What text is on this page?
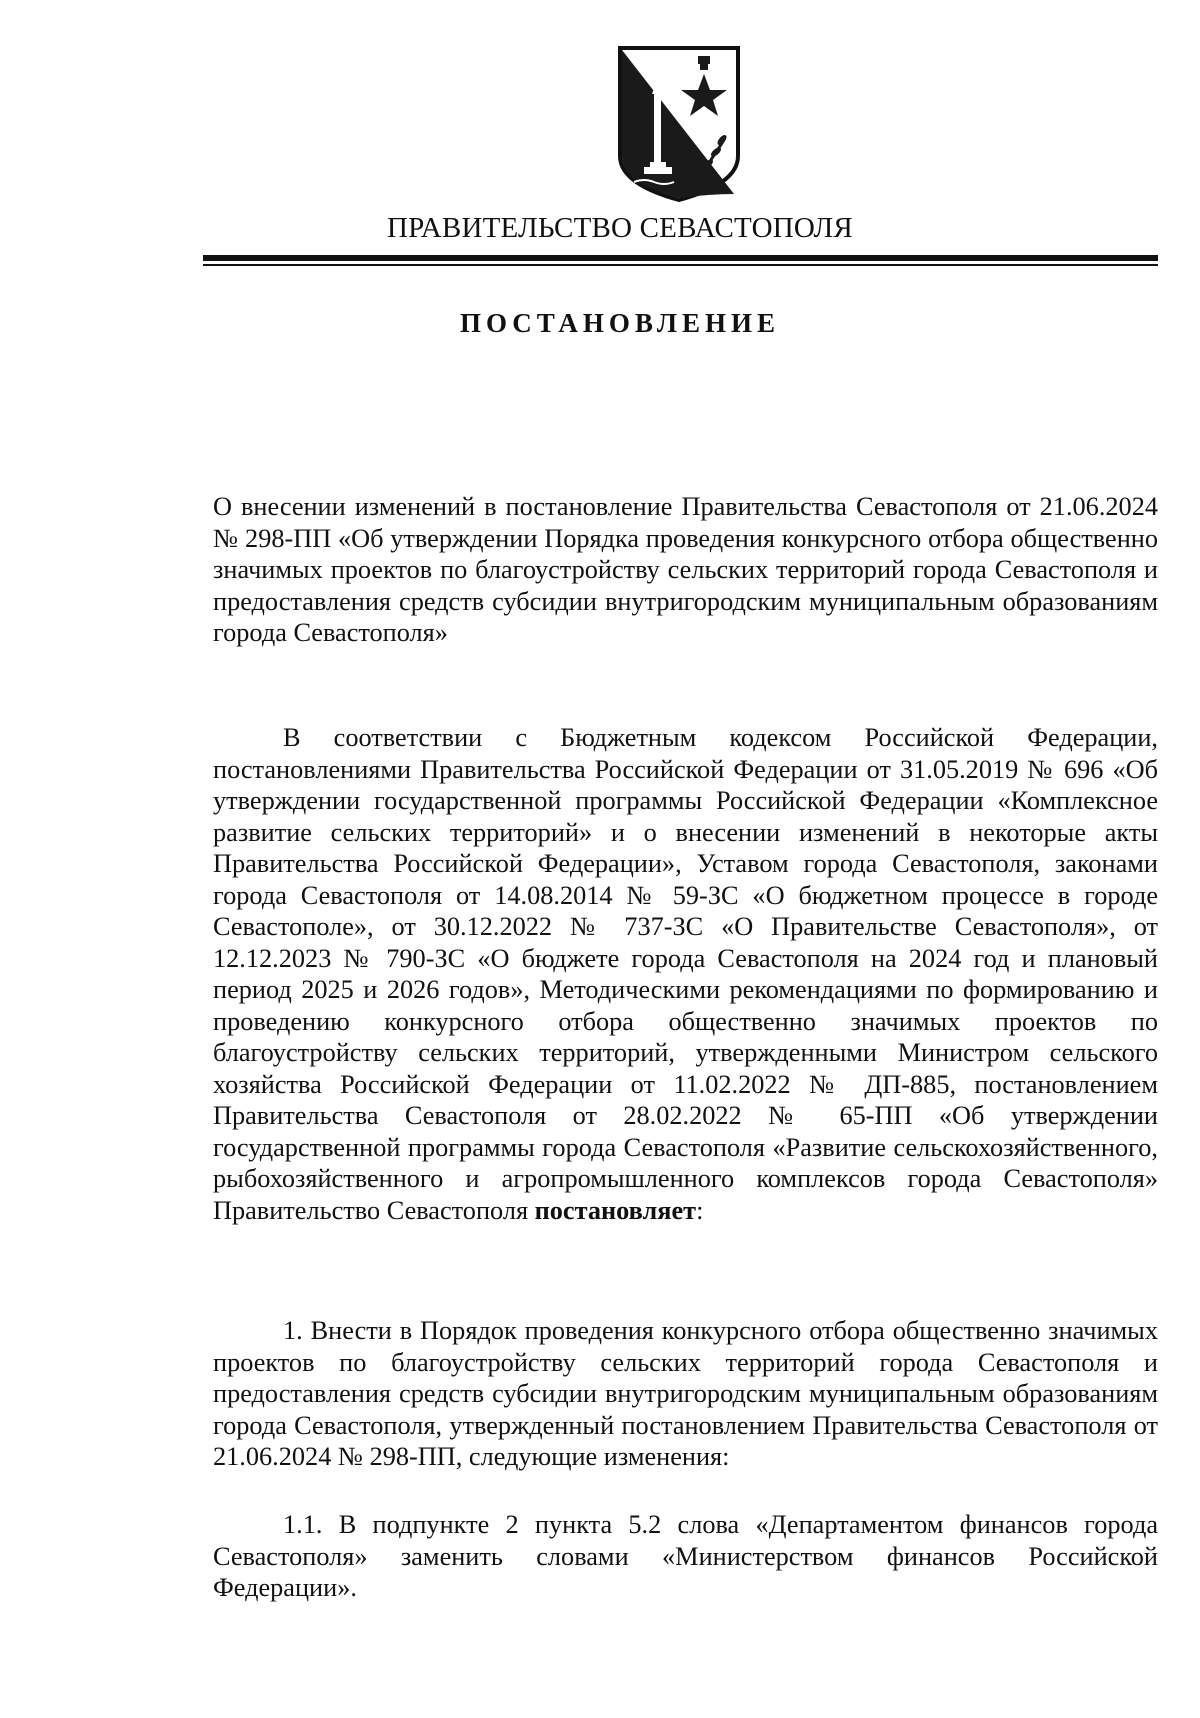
ПРАВИТЕЛЬСТВО СЕВАСТОПОЛЯ
ПОСТАНОВЛЕНИЕ

О внесении изменений в постановление Правительства Севастополя от 21.06.2024 № 298-ПП «Об утверждении Порядка проведения конкурсного отбора общественно значимых проектов по благоустройству сельских территорий города Севастополя и предоставления средств субсидии внутригородским муниципальным образованиям города Севастополя»

В соответствии с Бюджетным кодексом Российской Федерации, постановлениями Правительства Российской Федерации от 31.05.2019 № 696 «Об утверждении государственной программы Российской Федерации «Комплексное развитие сельских территорий» и о внесении изменений в некоторые акты Правительства Российской Федерации», Уставом города Севастополя, законами города Севастополя от 14.08.2014 № 59-ЗС «О бюджетном процессе в городе Севастополе», от 30.12.2022 № 737-ЗС «О Правительстве Севастополя», от 12.12.2023 № 790-ЗС «О бюджете города Севастополя на 2024 год и плановый период 2025 и 2026 годов», Методическими рекомендациями по формированию и проведению конкурсного отбора общественно значимых проектов по благоустройству сельских территорий, утвержденными Министром сельского хозяйства Российской Федерации от 11.02.2022 № ДП-885, постановлением Правительства Севастополя от 28.02.2022 № 65-ПП «Об утверждении государственной программы города Севастополя «Развитие сельскохозяйственного, рыбохозяйственного и агропромышленного комплексов города Севастополя» Правительство Севастополя постановляет:

1. Внести в Порядок проведения конкурсного отбора общественно значимых проектов по благоустройству сельских территорий города Севастополя и предоставления средств субсидии внутригородским муниципальным образованиям города Севастополя, утвержденный постановлением Правительства Севастополя от 21.06.2024 № 298-ПП, следующие изменения:

1.1. В подпункте 2 пункта 5.2 слова «Департаментом финансов города Севастополя» заменить словами «Министерством финансов Российской Федерации».
